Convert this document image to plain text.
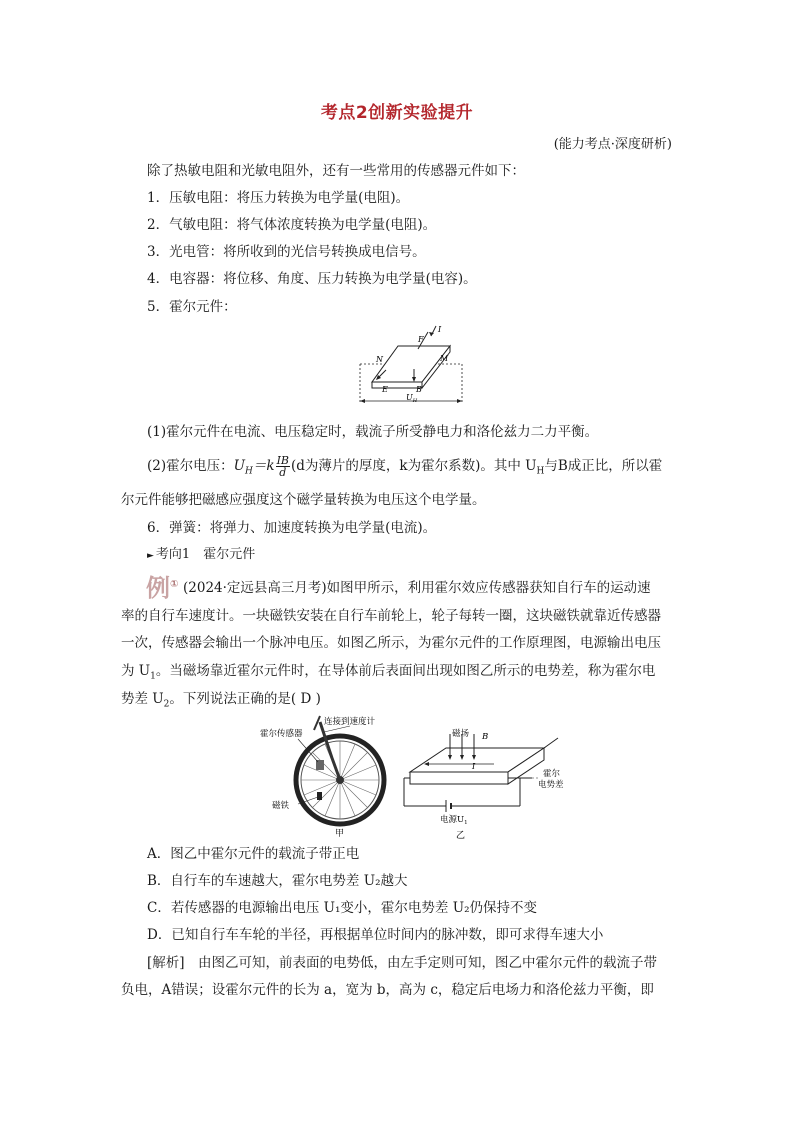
考点2创新实验提升
(能力考点·深度研析)
除了热敏电阻和光敏电阻外，还有一些常用的传感器元件如下：
1．压敏电阻：将压力转换为电学量(电阻)。
2．气敏电阻：将气体浓度转换为电学量(电阻)。
3．光电管：将所收到的光信号转换成电信号。
4．电容器：将位移、角度、压力转换为电学量(电容)。
5．霍尔元件：
N	M
F
I
E	B
$U_H$
(1)霍尔元件在电流、电压稳定时，载流子所受静电力和洛伦兹力二力平衡。
(2)霍尔电压：$U_H=k \frac{IB}{d} (d$为薄片的厚度，k为霍尔系数)。其中 $U_H$与B成正比，所以霍
尔元件能够把磁感应强度这个磁学量转换为电压这个电学量。
6．弹簧：将弹力、加速度转换为电学量(电流)。
► 考向1　霍尔元件
例① (2024·定远县高三月考)如图甲所示，利用霍尔效应传感器获知自行车的运动速
率的自行车速度计。一块磁铁安装在自行车前轮上，轮子每转一圈，这块磁铁就靠近传感器
一次，传感器会输出一个脉冲电压。如图乙所示，为霍尔元件的工作原理图，电源输出电压
为 $U_1$。当磁场靠近霍尔元件时，在导体前后表面间出现如图乙所示的电势差，称为霍尔电
势差 $U_2$。下列说法正确的是( D )
霍尔传感器
连接到速度计
磁铁
甲
磁场 B
I
霍尔
电势差
电源$U_1$
乙
A．图乙中霍尔元件的载流子带正电
B．自行车的车速越大，霍尔电势差 U₂越大
C．若传感器的电源输出电压 U₁变小，霍尔电势差 U₂仍保持不变
D．已知自行车车轮的半径，再根据单位时间内的脉冲数，即可求得车速大小
[解析]　 由图乙可知，前表面的电势低，由左手定则可知，图乙中霍尔元件的载流子带
负电，A错误；设霍尔元件的长为 a，宽为 b，高为 c，稳定后电场力和洛伦兹力平衡，即
